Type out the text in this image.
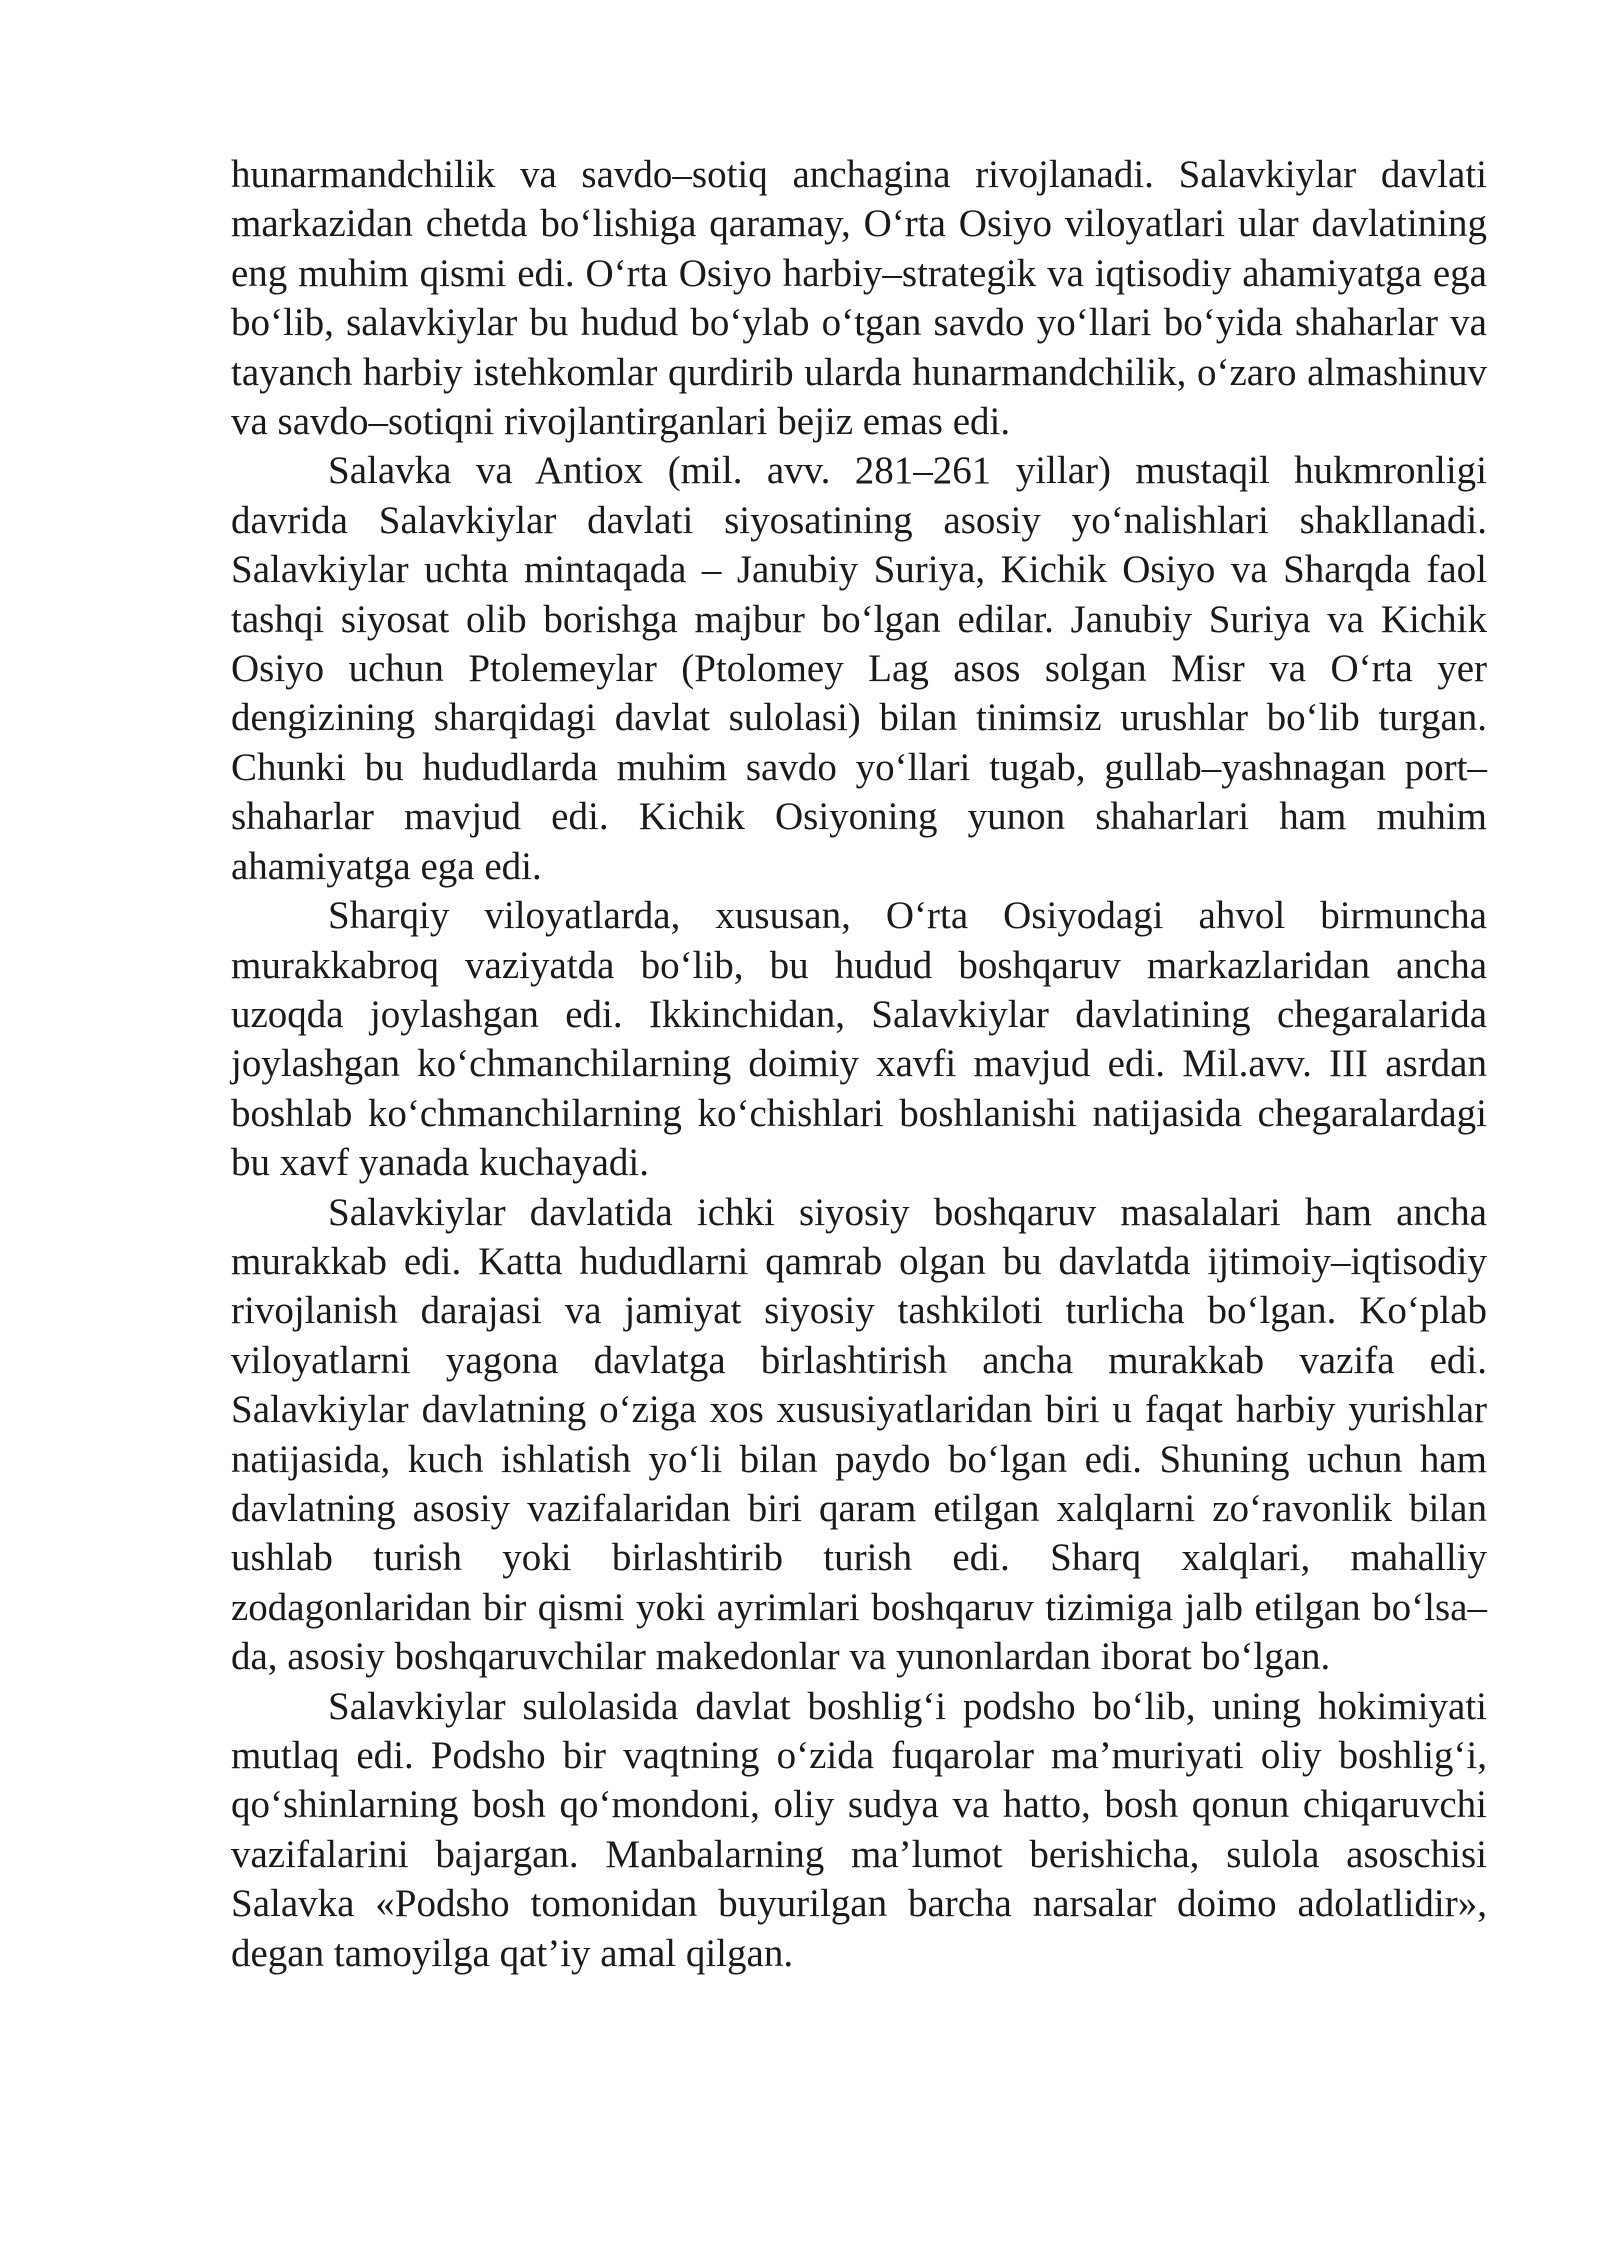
hunarmandchilik va savdo–sotiq anchagina rivojlanadi. Salavkiylar davlati markazidan chetda bo‘lishiga qaramay, O‘rta Osiyo viloyatlari ular davlatining eng muhim qismi edi. O‘rta Osiyo harbiy–strategik va iqtisodiy ahamiyatga ega bo‘lib, salavkiylar bu hudud bo‘ylab o‘tgan savdo yo‘llari bo‘yida shaharlar va tayanch harbiy istehkomlar qurdirib ularda hunarmandchilik, o‘zaro almashinuv va savdo–sotiqni rivojlantirganlari bejiz emas edi.

Salavka va Antiox (mil. avv. 281–261 yillar) mustaqil hukmronligi davrida Salavkiylar davlati siyosatining asosiy yo‘nalishlari shakllanadi. Salavkiylar uchta mintaqada – Janubiy Suriya, Kichik Osiyo va Sharqda faol tashqi siyosat olib borishga majbur bo‘lgan edilar. Janubiy Suriya va Kichik Osiyo uchun Ptolemeylar (Ptolomey Lag asos solgan Misr va O‘rta yer dengizining sharqidagi davlat sulolasi) bilan tinimsiz urushlar bo‘lib turgan. Chunki bu hududlarda muhim savdo yo‘llari tugab, gullab–yashnagan port–shaharlar mavjud edi. Kichik Osiyoning yunon shaharlari ham muhim ahamiyatga ega edi.

Sharqiy viloyatlarda, xususan, O‘rta Osiyodagi ahvol birmuncha murakkabroq vaziyatda bo‘lib, bu hudud boshqaruv markazlaridan ancha uzoqda joylashgan edi. Ikkinchidan, Salavkiylar davlatining chegaralarida joylashgan ko‘chmanchilarning doimiy xavfi mavjud edi. Mil.avv. III asrdan boshlab ko‘chmanchilarning ko‘chishlari boshlanishi natijasida chegaralardagi bu xavf yanada kuchayadi.

Salavkiylar davlatida ichki siyosiy boshqaruv masalalari ham ancha murakkab edi. Katta hududlarni qamrab olgan bu davlatda ijtimoiy–iqtisodiy rivojlanish darajasi va jamiyat siyosiy tashkiloti turlicha bo‘lgan. Ko‘plab viloyatlarni yagona davlatga birlashtirish ancha murakkab vazifa edi. Salavkiylar davlatning o‘ziga xos xususiyatlaridan biri u faqat harbiy yurishlar natijasida, kuch ishlatish yo‘li bilan paydo bo‘lgan edi. Shuning uchun ham davlatning asosiy vazifalaridan biri qaram etilgan xalqlarni zo‘ravonlik bilan ushlab turish yoki birlashtirib turish edi. Sharq xalqlari, mahalliy zodagonlaridan bir qismi yoki ayrimlari boshqaruv tizimiga jalb etilgan bo‘lsa–da, asosiy boshqaruvchilar makedonlar va yunonlardan iborat bo‘lgan.

Salavkiylar sulolasida davlat boshlig‘i podsho bo‘lib, uning hokimiyati mutlaq edi. Podsho bir vaqtning o‘zida fuqarolar ma’muriyati oliy boshlig‘i, qo‘shinlarning bosh qo‘mondoni, oliy sudya va hatto, bosh qonun chiqaruvchi vazifalarini bajargan. Manbalarning ma’lumot berishicha, sulola asoschisi Salavka «Podsho tomonidan buyurilgan barcha narsalar doimo adolatlidir», degan tamoyilga qat’iy amal qilgan.
